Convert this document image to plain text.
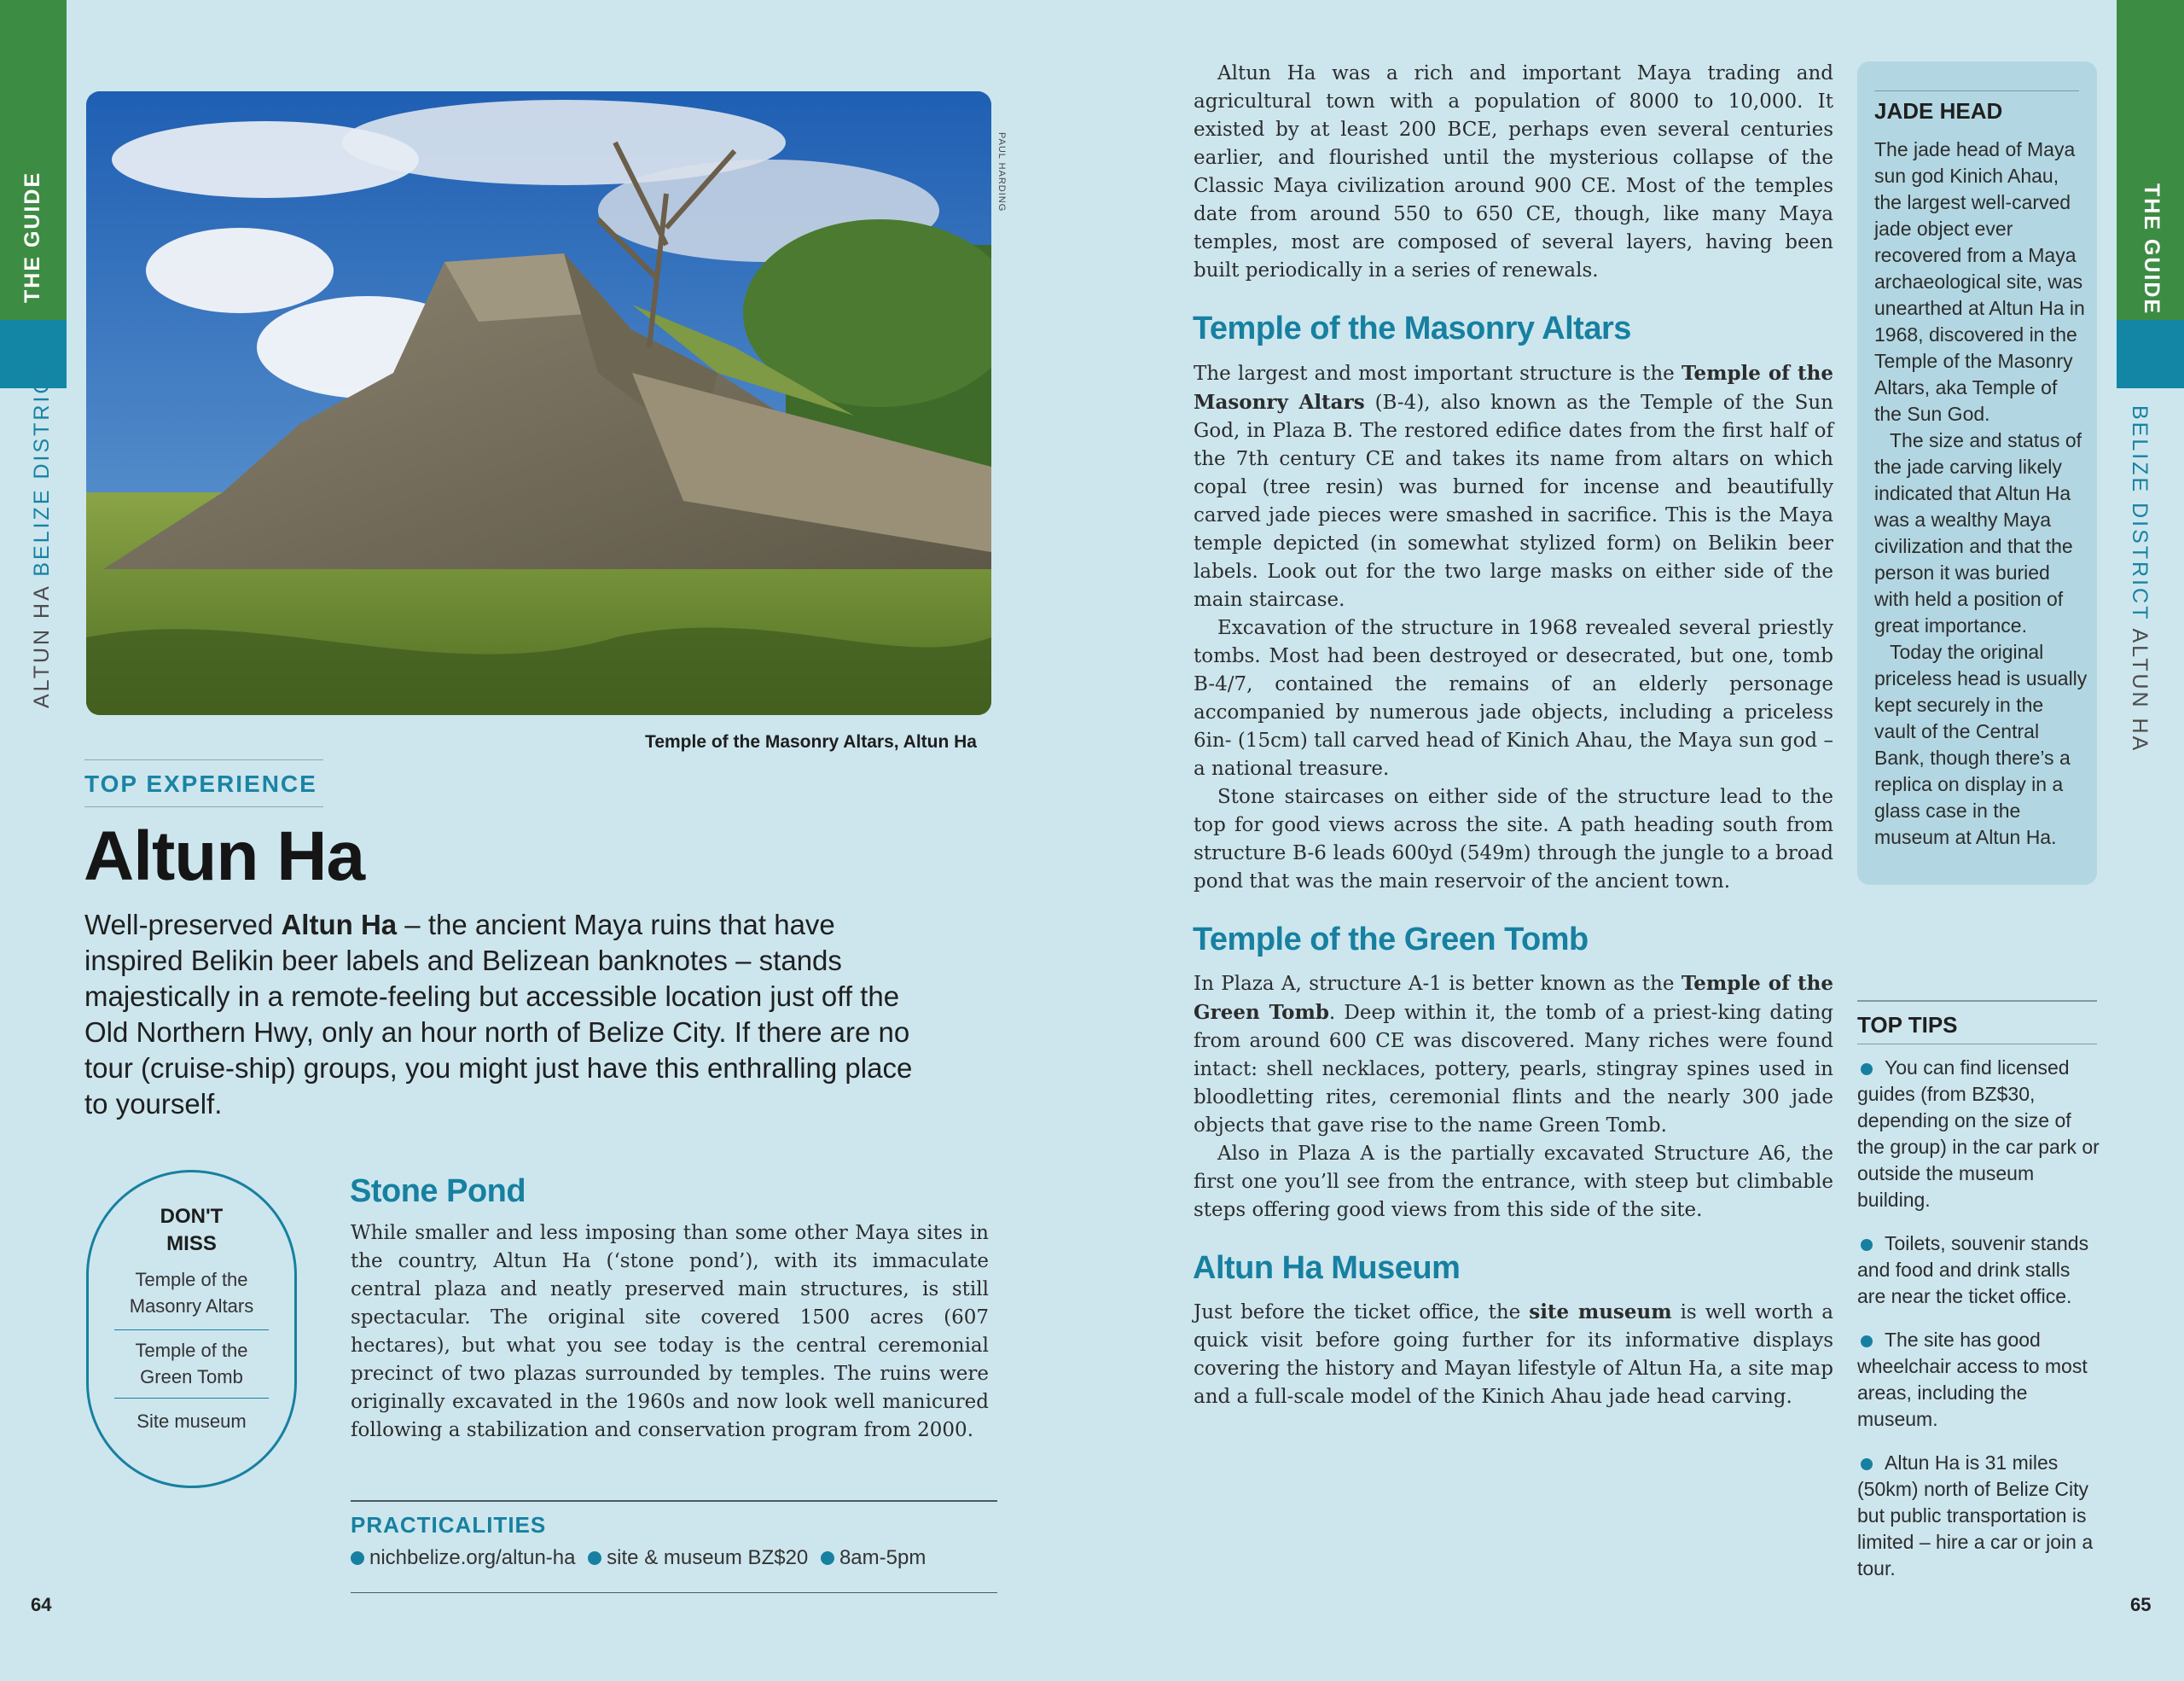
THE GUIDE
ALTUN HA BELIZE DISTRICT
THE GUIDE
BELIZE DISTRICT ALTUN HA
PAUL HARDING
Temple of the Masonry Altars, Altun Ha
TOP EXPERIENCE
Altun Ha
Well-preserved Altun Ha – the ancient Maya ruins that have inspired Belikin beer labels and Belizean banknotes – stands majestically in a remote-feeling but accessible location just off the Old Northern Hwy, only an hour north of Belize City. If there are no tour (cruise-ship) groups, you might just have this enthralling place to yourself.
DON'T
MISS
Temple of the Masonry Altars
Temple of the Green Tomb
Site museum
Stone Pond

While smaller and less imposing than some other Maya sites in the country, Altun Ha (‘stone pond’), with its immaculate central plaza and neatly preserved main structures, is still spectacular. The original site covered 1500 acres (607 hectares), but what you see today is the central ceremonial precinct of two plazas surrounded by temples. The ruins were originally excavated in the 1960s and now look well manicured following a stabilization and conservation program from 2000.

PRACTICALITIES
nichbelize.org/altun-ha site & museum BZ$20 8am-5pm
64

Altun Ha was a rich and important Maya trading and agricultural town with a population of 8000 to 10,000. It existed by at least 200 BCE, perhaps even several centuries earlier, and flourished until the mysterious collapse of the Classic Maya civilization around 900 CE. Most of the temples date from around 550 to 650 CE, though, like many Maya temples, most are composed of several layers, having been built periodically in a series of renewals.

Temple of the Masonry Altars

The largest and most important structure is the Temple of the Masonry Altars (B-4), also known as the Temple of the Sun God, in Plaza B. The restored edifice dates from the first half of the 7th century CE and takes its name from altars on which copal (tree resin) was burned for incense and beautifully carved jade pieces were smashed in sacrifice. This is the Maya temple depicted (in somewhat stylized form) on Belikin beer labels. Look out for the two large masks on either side of the main staircase.

Excavation of the structure in 1968 revealed several priestly tombs. Most had been destroyed or desecrated, but one, tomb B-4/7, contained the remains of an elderly personage accompanied by numerous jade objects, including a priceless 6in- (15cm) tall carved head of Kinich Ahau, the Maya sun god – a national treasure.

Stone staircases on either side of the structure lead to the top for good views across the site. A path heading south from structure B-6 leads 600yd (549m) through the jungle to a broad pond that was the main reservoir of the ancient town.

Temple of the Green Tomb

In Plaza A, structure A-1 is better known as the Temple of the Green Tomb. Deep within it, the tomb of a priest-king dating from around 600 CE was discovered. Many riches were found intact: shell necklaces, pottery, pearls, stingray spines used in bloodletting rites, ceremonial flints and the nearly 300 jade objects that gave rise to the name Green Tomb.

Also in Plaza A is the partially excavated Structure A6, the first one you’ll see from the entrance, with steep but climbable steps offering good views from this side of the site.

Altun Ha Museum

Just before the ticket office, the site museum is well worth a quick visit before going further for its informative displays covering the history and Mayan lifestyle of Altun Ha, a site map and a full-scale model of the Kinich Ahau jade head carving.

JADE HEAD

The jade head of Maya sun god Kinich Ahau, the largest well-carved jade object ever recovered from a Maya archaeological site, was unearthed at Altun Ha in 1968, discovered in the Temple of the Masonry Altars, aka Temple of the Sun God.

The size and status of the jade carving likely indicated that Altun Ha was a wealthy Maya civilization and that the person it was buried with held a position of great importance.

Today the original priceless head is usually kept securely in the vault of the Central Bank, though there’s a replica on display in a glass case in the museum at Altun Ha.

TOP TIPS

You can find licensed guides (from BZ$30, depending on the size of the group) in the car park or outside the museum building.

Toilets, souvenir stands and food and drink stalls are near the ticket office.

The site has good wheelchair access to most areas, including the museum.

Altun Ha is 31 miles (50km) north of Belize City but public transportation is limited – hire a car or join a tour.

65
